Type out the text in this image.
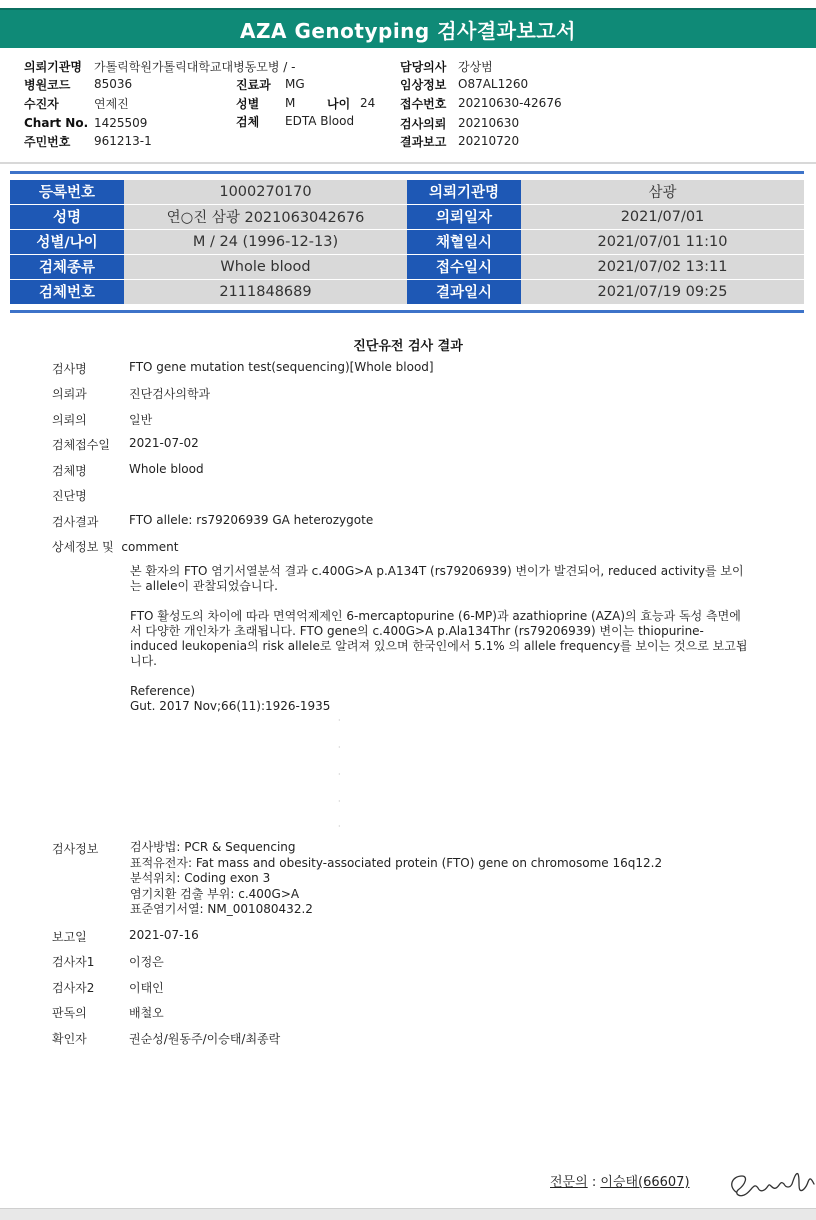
AZA Genotyping 검사결과보고서
의뢰기관명	가톨릭학원가톨릭대학교대병동모병 / -	담당의사 강상범
병원코드	85036	진료과	MG	임상정보 O87AL1260
수진자	연제진	성별	M	나이 24 접수번호 20210630-42676
Chart No. 1425509	검체	EDTA Blood	검사의뢰 20210630
주민번호	961213-1	결과보고 20210720
등록번호	1000270170	의뢰기관명	삼광
성명	연○진 삼광 2021063042676	의뢰일자	2021/07/01
성별/나이	M / 24 (1996-12-13)	채혈일시	2021/07/01 11:10
검체종류	Whole blood	접수일시	2021/07/02 13:11
검체번호	2111848689	결과일시	2021/07/19 09:25
진단유전 검사 결과
검사명	FTO gene mutation test(sequencing)[Whole blood]
의뢰과	진단검사의학과
의뢰의	일반
검체접수일	2021-07-02
검체명	Whole blood
진단명
검사결과	FTO allele: rs79206939 GA heterozygote
상세정보 및  comment

본 환자의 FTO 염기서열분석 결과 c.400G>A p.A134T (rs79206939) 변이가 발견되어, reduced activity를 보이는 allele이 관찰되었습니다.

FTO 활성도의 차이에 따라 면역억제제인 6-mercaptopurine (6-MP)과 azathioprine (AZA)의 효능과 독성 측면에서 다양한 개인차가 초래됩니다. FTO gene의 c.400G>A p.Ala134Thr (rs79206939) 변이는 thiopurine-induced leukopenia의 risk allele로 알려져 있으며 한국인에서 5.1% 의 allele frequency를 보이는 것으로 보고됩니다.

Reference)
Gut. 2017 Nov;66(11):1926-1935
·
·
·
·
·
검사정보	검사방법: PCR & Sequencing
표적유전자: Fat mass and obesity-associated protein (FTO) gene on chromosome 16q12.2
분석위치: Coding exon 3
염기치환 검출 부위: c.400G>A
표준염기서열: NM_001080432.2
보고일	2021-07-16
검사자1	이정은
검사자2	이태인
판독의	배철오
확인자	권순성/원동주/이승태/최종락
전문의 : 이승태(66607)
